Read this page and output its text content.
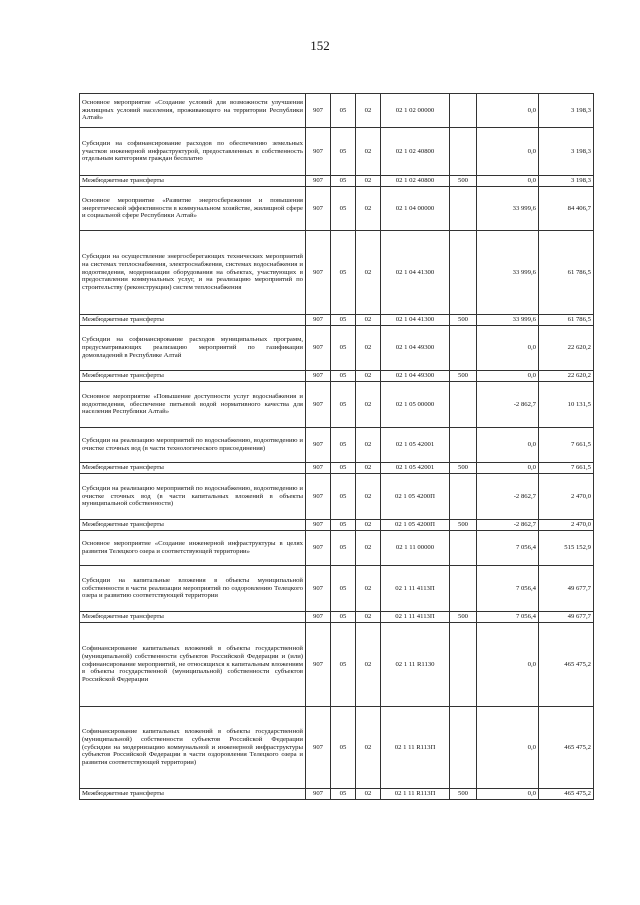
152
Основное мероприятие «Создание условий для возможности улучшения жилищных условий населения, проживающего на территории Республики Алтай»	907	05	02	02 1 02 00000		0,0	3 198,3
Субсидии на софинансирование расходов по обеспечению земельных участков инженерной инфраструктурой, предоставленных в собственность отдельным категориям граждан бесплатно	907	05	02	02 1 02 40800		0,0	3 198,3
Межбюджетные трансферты	907	05	02	02 1 02 40800	500	0,0	3 198,3
Основное мероприятие «Развитие энергосбережения и повышения энергетической эффективности в коммунальном хозяйстве, жилищной сфере и социальной сфере Республики Алтай»	907	05	02	02 1 04 00000		33 999,6	84 406,7
Субсидии на осуществление энергосберегающих технических мероприятий на системах теплоснабжения, электроснабжения, системах водоснабжения и водоотведения, модернизации оборудования на объектах, участвующих в предоставлении коммунальных услуг, и на реализацию мероприятий по строительству (реконструкции) систем теплоснабжения	907	05	02	02 1 04 41300		33 999,6	61 786,5
Межбюджетные трансферты	907	05	02	02 1 04 41300	500	33 999,6	61 786,5
Субсидии на софинансирование расходов муниципальных программ, предусматривающих реализацию мероприятий по газификации домовладений в Республике Алтай	907	05	02	02 1 04 49300		0,0	22 620,2
Межбюджетные трансферты	907	05	02	02 1 04 49300	500	0,0	22 620,2
Основное мероприятие «Повышение доступности услуг водоснабжения и водоотведения, обеспечение питьевой водой нормативного качества для населения Республики Алтай»	907	05	02	02 1 05 00000		-2 862,7	10 131,5
Субсидии на реализацию мероприятий по водоснабжению, водоотведению и очистке сточных вод (в части технологического присоединения)	907	05	02	02 1 05 42001		0,0	7 661,5
Межбюджетные трансферты	907	05	02	02 1 05 42001	500	0,0	7 661,5
Субсидии на реализацию мероприятий по водоснабжению, водоотведению и очистке сточных вод (в части капитальных вложений в объекты муниципальной собственности)	907	05	02	02 1 05 4200П		-2 862,7	2 470,0
Межбюджетные трансферты	907	05	02	02 1 05 4200П	500	-2 862,7	2 470,0
Основное мероприятие «Создание инженерной инфраструктуры в целях развития Телецкого озера и соответствующей территории»	907	05	02	02 1 11 00000		7 056,4	515 152,9
Субсидии на капитальные вложения в объекты муниципальной собственности в части реализации мероприятий по оздоровлению Телецкого озера и развитию соответствующей территории	907	05	02	02 1 11 4113П		7 056,4	49 677,7
Межбюджетные трансферты	907	05	02	02 1 11 4113П	500	7 056,4	49 677,7
Софинансирование капитальных вложений в объекты государственной (муниципальной) собственности субъектов Российской Федерации и (или) софинансирование мероприятий, не относящихся к капитальным вложениям в объекты государственной (муниципальной) собственности субъектов Российской Федерации	907	05	02	02 1 11 R1130		0,0	465 475,2
Софинансирование капитальных вложений в объекты государственной (муниципальной) собственности субъектов Российской Федерации (субсидии на модернизацию коммунальной и инженерной инфраструктуры субъектов Российской Федерации в части оздоровления Телецкого озера и развития соответствующей территории)	907	05	02	02 1 11 R113П		0,0	465 475,2
Межбюджетные трансферты	907	05	02	02 1 11 R113П	500	0,0	465 475,2
